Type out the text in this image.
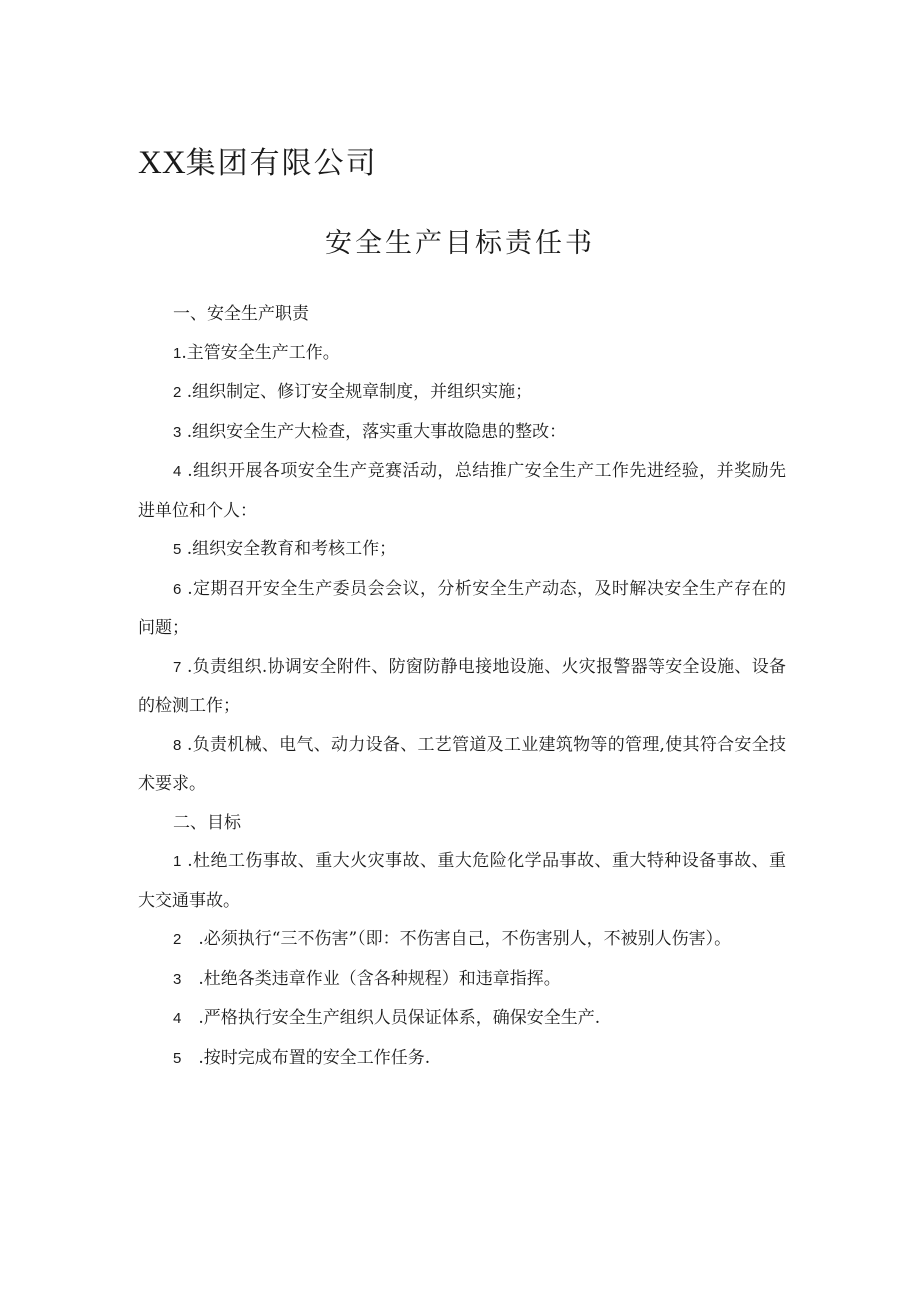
XX集团有限公司
安全生产目标责任书

一、安全生产职责

1.主管安全生产工作。

2 .组织制定、修订安全规章制度，并组织实施；

3 .组织安全生产大检查，落实重大事故隐患的整改：

4 .组织开展各项安全生产竞赛活动，总结推广安全生产工作先进经验，并奖励先进单位和个人：

5 .组织安全教育和考核工作；

6 .定期召开安全生产委员会会议，分析安全生产动态，及时解决安全生产存在的问题；

7 .负责组织.协调安全附件、防窗防静电接地设施、火灾报警器等安全设施、设备的检测工作；

8 .负责机械、电气、动力设备、工艺管道及工业建筑物等的管理,使其符合安全技术要求。

二、目标

1 .杜绝工伤事故、重大火灾事故、重大危险化学品事故、重大特种设备事故、重大交通事故。

2 .必须执行“三不伤害”（即：不伤害自己，不伤害别人，不被别人伤害）。

3 .杜绝各类违章作业（含各种规程）和违章指挥。

4 .严格执行安全生产组织人员保证体系，确保安全生产.

5 .按时完成布置的安全工作任务.
